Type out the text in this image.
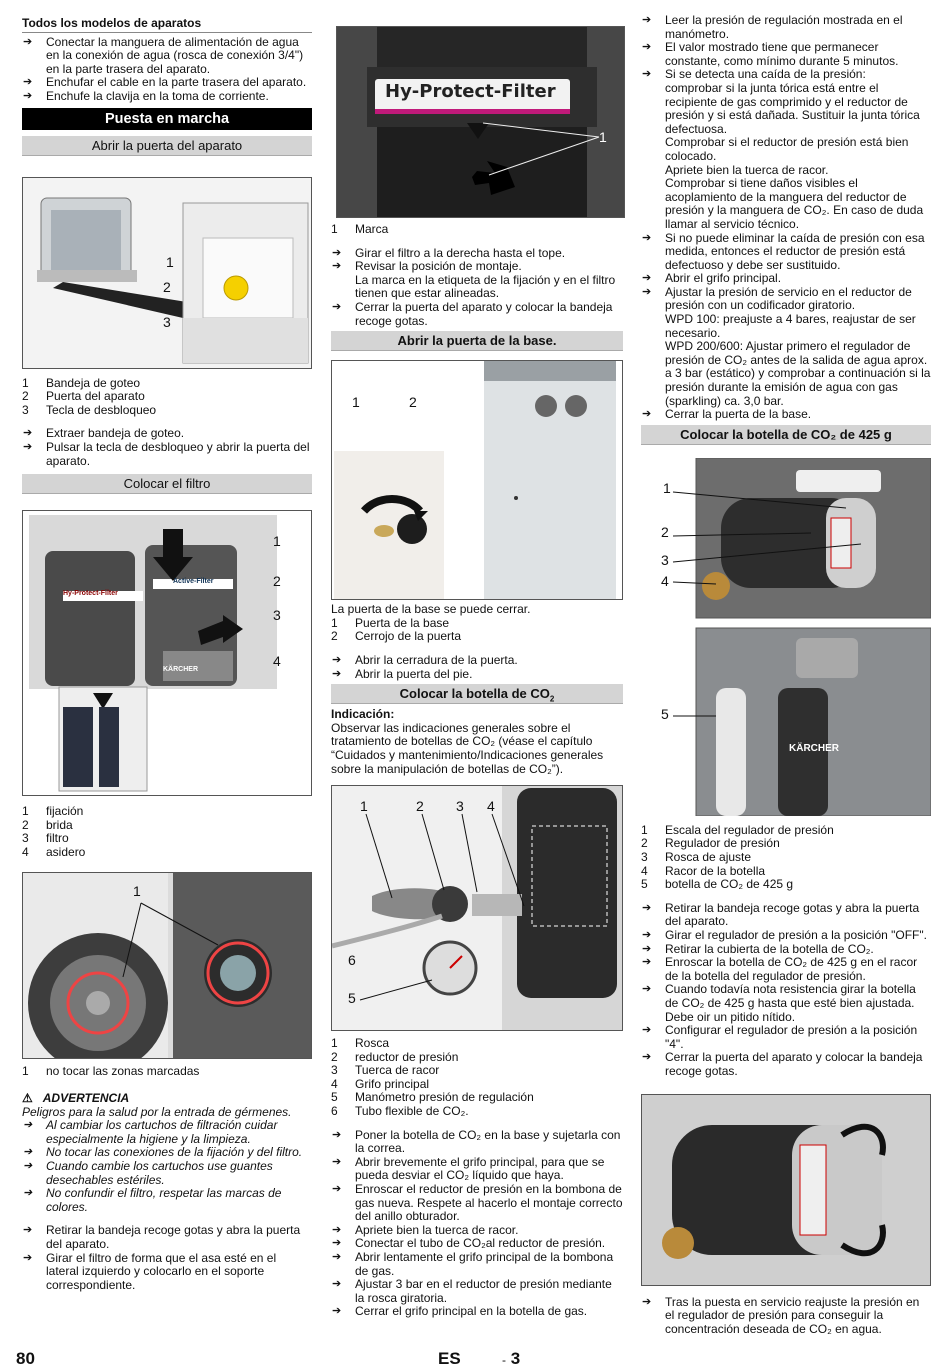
Todos los modelos de aparatos

➔ Conectar la manguera de alimentación de agua en la conexión de agua (rosca de conexión 3/4") en la parte trasera del aparato.

➔ Enchufar el cable en la parte trasera del aparato.

➔ Enchufe la clavija en la toma de corriente.

Puesta en marcha
Abrir la puerta del aparato
1
2
3
1	Bandeja de goteo
2	Puerta del aparato
3	Tecla de desbloqueo

➔ Extraer bandeja de goteo.

➔ Pulsar la tecla de desbloqueo y abrir la puerta del aparato.

Colocar el filtro
Hy-Protect-Filter
Active-Filter
KÄRCHER
1
2
3
4
1	fijación
2	brida
3	filtro
4	asidero
1
1	no tocar las zonas marcadas

⚠ ADVERTENCIA

Peligros para la salud por la entrada de gérmenes.

➔ Al cambiar los cartuchos de filtración cuidar especialmente la higiene y la limpieza.

➔ No tocar las conexiones de la fijación y del filtro.

➔ Cuando cambie los cartuchos use guantes desechables estériles.

➔ No confundir el filtro, respetar las marcas de colores.

➔ Retirar la bandeja recoge gotas y abra la puerta del aparato.

➔ Girar el filtro de forma que el asa esté en el lateral izquierdo y colocarlo en el soporte correspondiente.

Hy-Protect-Filter
1
1	Marca

➔ Girar el filtro a la derecha hasta el tope.

➔ Revisar la posición de montaje.

La marca en la etiqueta de la fijación y en el filtro tienen que estar alineadas.

➔ Cerrar la puerta del aparato y colocar la bandeja recoge gotas.

Abrir la puerta de la base.
1	2

La puerta de la base se puede cerrar.

1	Puerta de la base
2	Cerrojo de la puerta

➔ Abrir la cerradura de la puerta.

➔ Abrir la puerta del pie.

Colocar la botella de $CO_2$

Indicación:

Observar las indicaciones generales sobre el tratamiento de botellas de CO₂ (véase el capítulo “Cuidados y mantenimiento/Indicaciones generales sobre la manipulación de botellas de CO₂”).

1	2 3 4
5
6
1	Rosca
2	reductor de presión
3	Tuerca de racor
4	Grifo principal
5	Manómetro presión de regulación
6	Tubo flexible de CO₂.

➔ Poner la botella de CO₂ en la base y sujetarla con la correa.

➔ Abrir brevemente el grifo principal, para que se pueda desviar el CO₂ líquido que haya.

➔ Enroscar el reductor de presión en la bombona de gas nueva. Respete al hacerlo el montaje correcto del anillo obturador.

➔ Apriete bien la tuerca de racor.

➔ Conectar el tubo de CO₂al reductor de presión.

➔ Abrir lentamente el grifo principal de la bombona de gas.

➔ Ajustar 3 bar en el reductor de presión mediante la rosca giratoria.

➔ Cerrar el grifo principal en la botella de gas.

➔ Leer la presión de regulación mostrada en el manómetro.

➔ El valor mostrado tiene que permanecer constante, como mínimo durante 5 minutos.

➔ Si se detecta una caída de la presión:

comprobar si la junta tórica está entre el recipiente de gas comprimido y el reductor de presión y si está dañada. Sustituir la junta tórica defectuosa.

Comprobar si el reductor de presión está bien colocado.

Apriete bien la tuerca de racor.

Comprobar si tiene daños visibles el acoplamiento de la manguera del reductor de presión y la manguera de CO₂. En caso de duda llamar al servicio técnico.

➔ Si no puede eliminar la caída de presión con esa medida, entonces el reductor de presión está defectuoso y debe ser sustituido.

➔ Abrir el grifo principal.

➔ Ajustar la presión de servicio en el reductor de presión con un codificador giratorio.

WPD 100: preajuste a 4 bares, reajustar de ser necesario.

WPD 200/600: Ajustar primero el regulador de presión de CO₂ antes de la salida de agua aprox. a 3 bar (estático) y comprobar a continuación si la presión durante la emisión de agua con gas (sparkling) ca. 3,0 bar.

➔ Cerrar la puerta de la base.

Colocar la botella de CO₂ de 425 g
KÄRCHER
1
2
3
4
5
1	Escala del regulador de presión
2	Regulador de presión
3	Rosca de ajuste
4	Racor de la botella
5	botella de CO₂ de 425 g

➔ Retirar la bandeja recoge gotas y abra la puerta del aparato.

➔ Girar el regulador de presión a la posición "OFF".

➔ Retirar la cubierta de la botella de CO₂.

➔ Enroscar la botella de CO₂ de 425 g en el racor de la botella del regulador de presión.

➔ Cuando todavía nota resistencia girar la botella de CO₂ de 425 g hasta que esté bien ajustada. Debe oir un pitido nítido.

➔ Configurar el regulador de presión a la posición "4".

➔ Cerrar la puerta del aparato y colocar la bandeja recoge gotas.

➔ Tras la puesta en servicio reajuste la presión en el regulador de presión para conseguir la concentración deseada de CO₂ en agua.

80	ES	- 3
